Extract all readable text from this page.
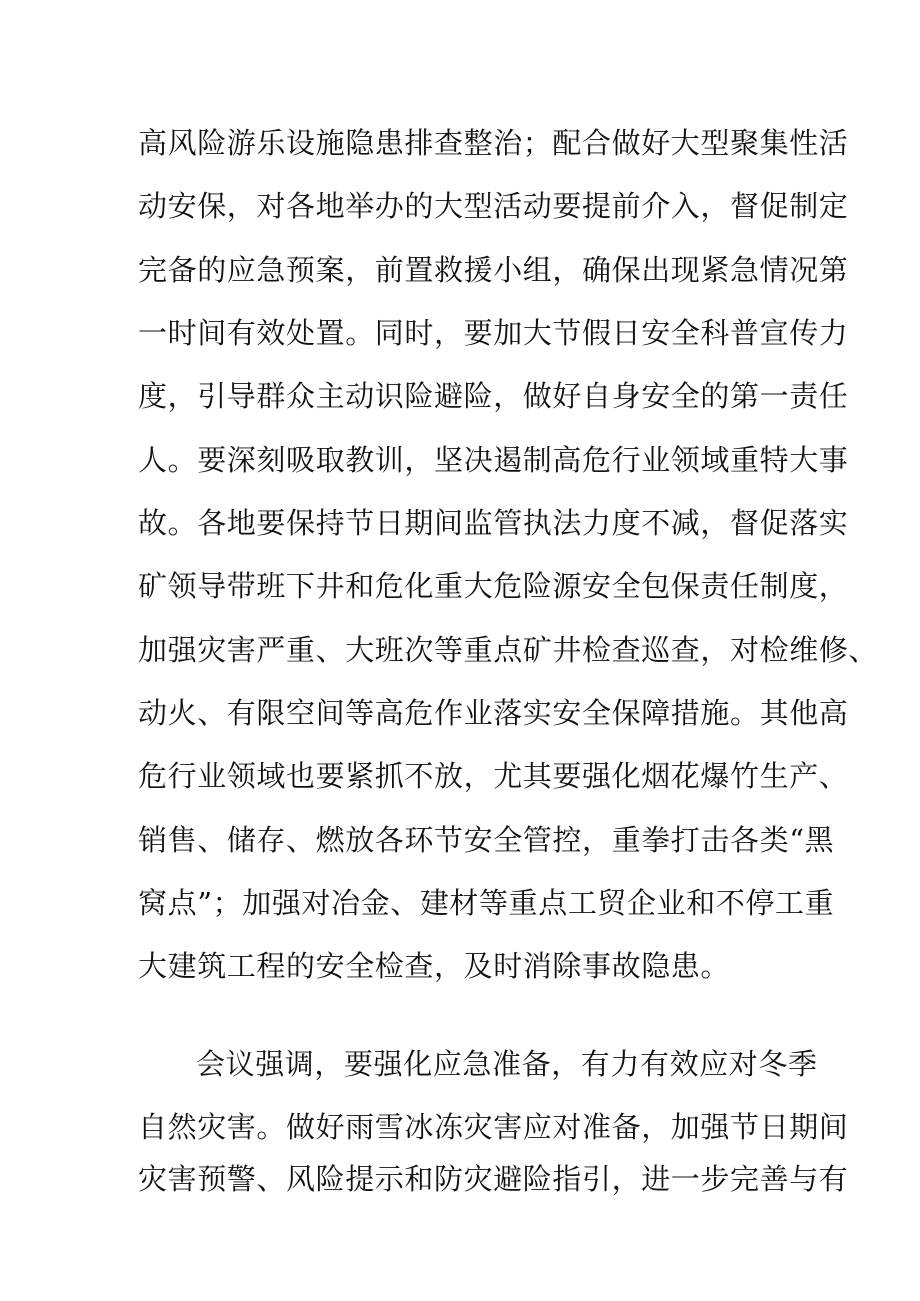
高风险游乐设施隐患排查整治；配合做好大型聚集性活
动安保，对各地举办的大型活动要提前介入，督促制定
完备的应急预案，前置救援小组，确保出现紧急情况第
一时间有效处置。同时，要加大节假日安全科普宣传力
度，引导群众主动识险避险，做好自身安全的第一责任
人。要深刻吸取教训，坚决遏制高危行业领域重特大事
故。各地要保持节日期间监管执法力度不减，督促落实
矿领导带班下井和危化重大危险源安全包保责任制度，
加强灾害严重、大班次等重点矿井检查巡查，对检维修、
动火、有限空间等高危作业落实安全保障措施。其他高
危行业领域也要紧抓不放，尤其要强化烟花爆竹生产、
销售、储存、燃放各环节安全管控，重拳打击各类“黑
窝点”；加强对冶金、建材等重点工贸企业和不停工重
大建筑工程的安全检查，及时消除事故隐患。
会议强调，要强化应急准备，有力有效应对冬季
自然灾害。做好雨雪冰冻灾害应对准备，加强节日期间
灾害预警、风险提示和防灾避险指引，进一步完善与有
